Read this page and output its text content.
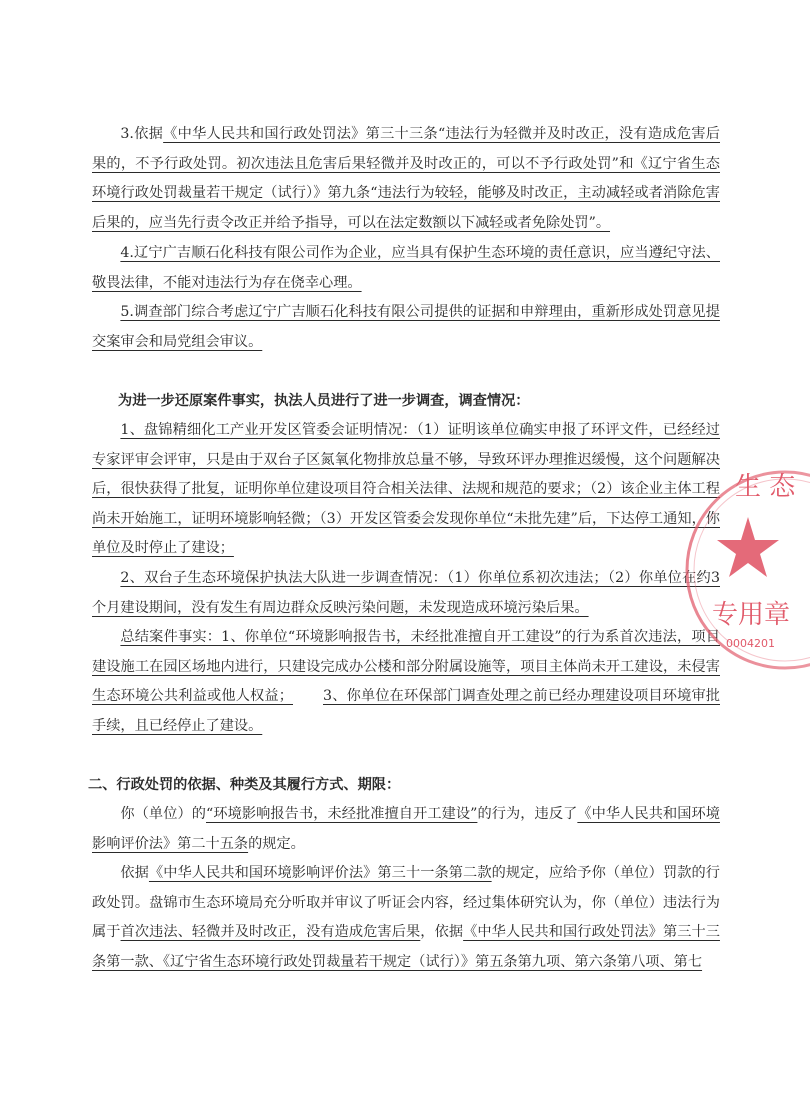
3.依据《中华人民共和国行政处罚法》第三十三条“违法行为轻微并及时改正，没有造成危害后果的，不予行政处罚。初次违法且危害后果轻微并及时改正的，可以不予行政处罚”和《辽宁省生态环境行政处罚裁量若干规定（试行）》第九条“违法行为较轻，能够及时改正，主动减轻或者消除危害后果的，应当先行责令改正并给予指导，可以在法定数额以下减轻或者免除处罚”。

4.辽宁广吉顺石化科技有限公司作为企业，应当具有保护生态环境的责任意识，应当遵纪守法、敬畏法律，不能对违法行为存在侥幸心理。

5.调查部门综合考虑辽宁广吉顺石化科技有限公司提供的证据和申辩理由，重新形成处罚意见提交案审会和局党组会审议。

为进一步还原案件事实，执法人员进行了进一步调查，调查情况：

1、盘锦精细化工产业开发区管委会证明情况：（1）证明该单位确实申报了环评文件，已经经过专家评审会评审，只是由于双台子区氮氧化物排放总量不够，导致环评办理推迟缓慢，这个问题解决后，很快获得了批复，证明你单位建设项目符合相关法律、法规和规范的要求；（2）该企业主体工程尚未开始施工，证明环境影响轻微；（3）开发区管委会发现你单位“未批先建”后，下达停工通知，你单位及时停止了建设；

2、双台子生态环境保护执法大队进一步调查情况：（1）你单位系初次违法；（2）你单位在约3个月建设期间，没有发生有周边群众反映污染问题，未发现造成环境污染后果。

总结案件事实：1、你单位“环境影响报告书，未经批准擅自开工建设”的行为系首次违法，项目建设施工在园区场地内进行，只建设完成办公楼和部分附属设施等，项目主体尚未开工建设，未侵害生态环境公共利益或他人权益； 3、你单位在环保部门调查处理之前已经办理建设项目环境审批手续，且已经停止了建设。

二、行政处罚的依据、种类及其履行方式、期限：

你（单位）的“环境影响报告书，未经批准擅自开工建设”的行为，违反了《中华人民共和国环境影响评价法》第二十五条的规定。

依据《中华人民共和国环境影响评价法》第三十一条第二款的规定，应给予你（单位）罚款的行政处罚。盘锦市生态环境局充分听取并审议了听证会内容，经过集体研究认为，你（单位）违法行为属于首次违法、轻微并及时改正，没有造成危害后果，依据《中华人民共和国行政处罚法》第三十三条第一款、《辽宁省生态环境行政处罚裁量若干规定（试行）》第五条第九项、第六条第八项、第七

生 态
专用章
0004201
